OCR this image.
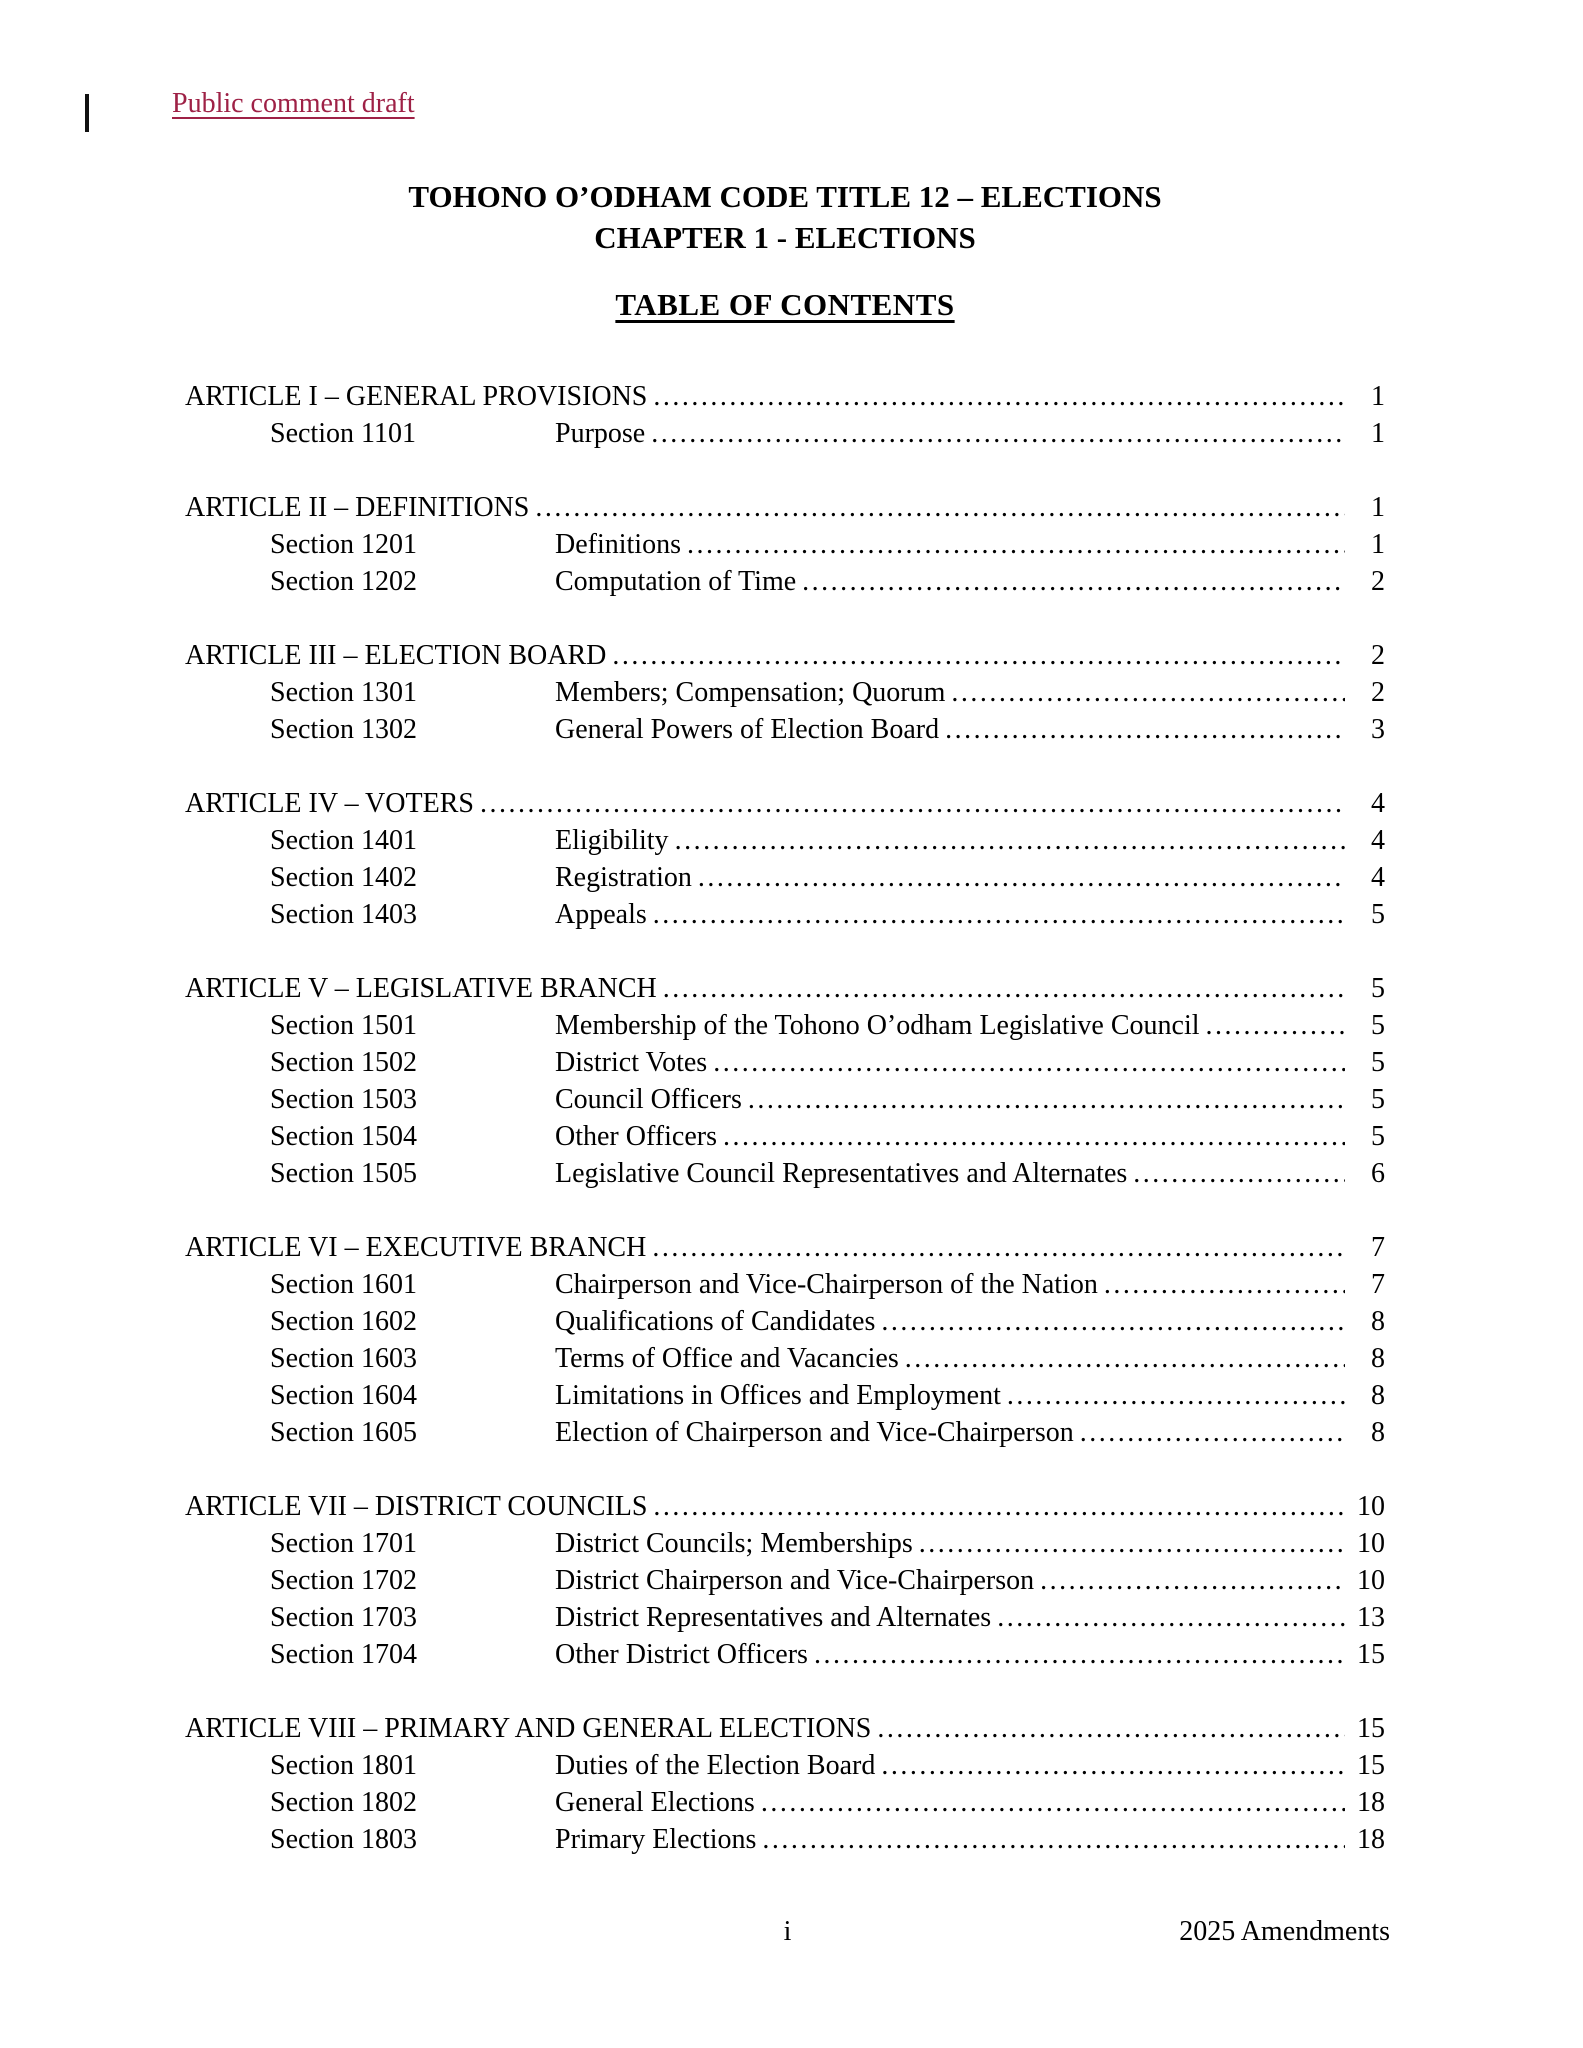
Public comment draft
TOHONO O’ODHAM CODE TITLE 12 – ELECTIONS
CHAPTER 1 - ELECTIONS
TABLE OF CONTENTS
ARTICLE I – GENERAL PROVISIONS .....	1
Section 1101	Purpose .....	1
ARTICLE II – DEFINITIONS .....	1
Section 1201	Definitions .....	1
Section 1202	Computation of Time .....	2
ARTICLE III – ELECTION BOARD .....	2
Section 1301	Members; Compensation; Quorum .....	2
Section 1302	General Powers of Election Board .....	3
ARTICLE IV – VOTERS .....	4
Section 1401	Eligibility .....	4
Section 1402	Registration .....	4
Section 1403	Appeals .....	5
ARTICLE V – LEGISLATIVE BRANCH .....	5
Section 1501	Membership of the Tohono O’odham Legislative Council .....	5
Section 1502	District Votes .....	5
Section 1503	Council Officers .....	5
Section 1504	Other Officers .....	5
Section 1505	Legislative Council Representatives and Alternates .....	6
ARTICLE VI – EXECUTIVE BRANCH .....	7
Section 1601	Chairperson and Vice-Chairperson of the Nation .....	7
Section 1602	Qualifications of Candidates .....	8
Section 1603	Terms of Office and Vacancies .....	8
Section 1604	Limitations in Offices and Employment .....	8
Section 1605	Election of Chairperson and Vice-Chairperson .....	8
ARTICLE VII – DISTRICT COUNCILS .....	10
Section 1701	District Councils; Memberships .....	10
Section 1702	District Chairperson and Vice-Chairperson .....	10
Section 1703	District Representatives and Alternates .....	13
Section 1704	Other District Officers .....	15
ARTICLE VIII – PRIMARY AND GENERAL ELECTIONS .....	15
Section 1801	Duties of the Election Board .....	15
Section 1802	General Elections .....	18
Section 1803	Primary Elections .....	18
i	2025 Amendments
